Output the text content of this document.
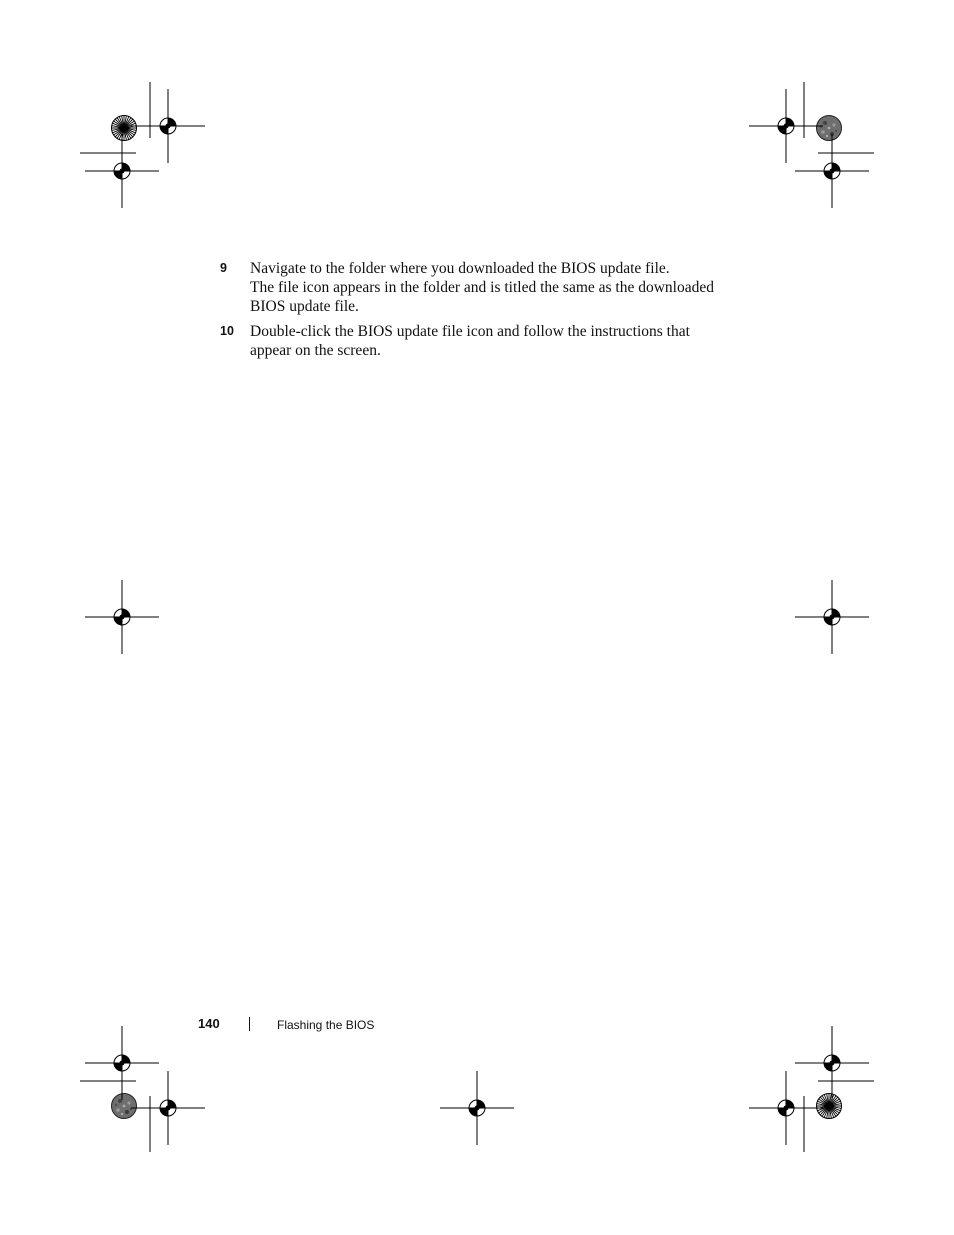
9	Navigate to the folder where you downloaded the BIOS update file.
The file icon appears in the folder and is titled the same as the downloaded
BIOS update file.
10	Double-click the BIOS update file icon and follow the instructions that
appear on the screen.
140	Flashing the BIOS
